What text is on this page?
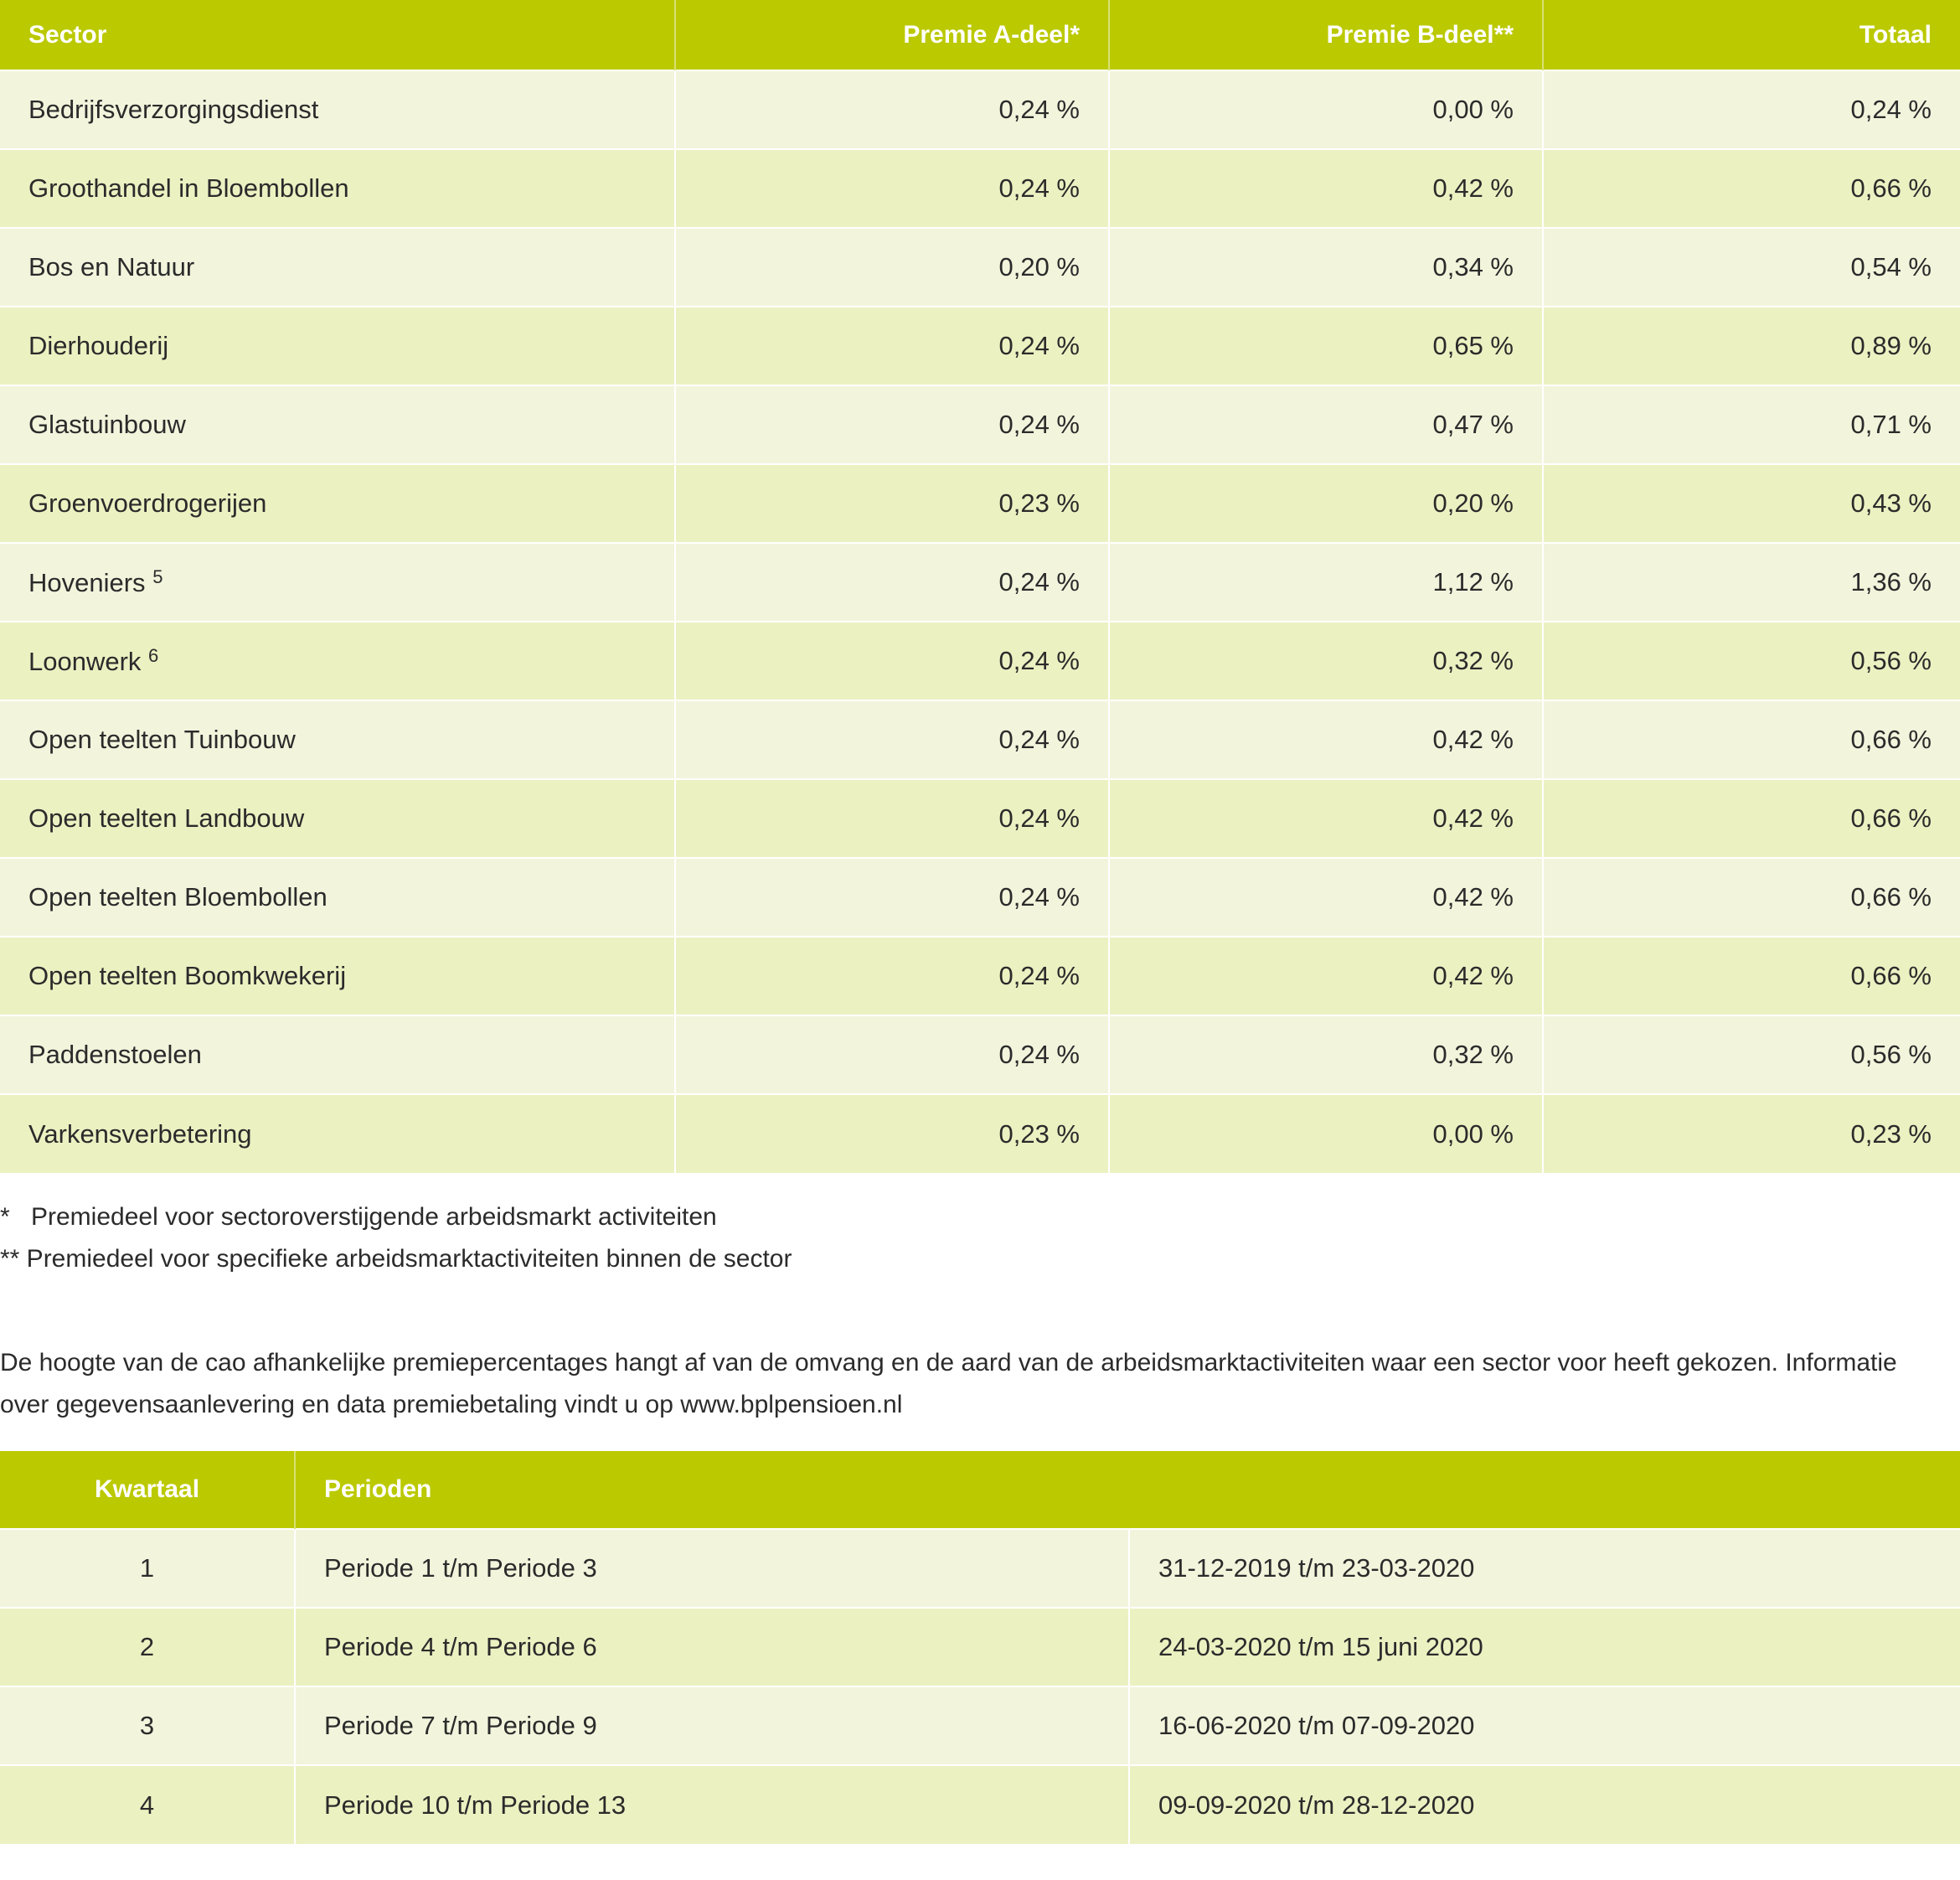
Sector	Premie A-deel*	Premie B-deel**	Totaal
Bedrijfsverzorgingsdienst	0,24 %	0,00 %	0,24 %
Groothandel in Bloembollen	0,24 %	0,42 %	0,66 %
Bos en Natuur	0,20 %	0,34 %	0,54 %
Dierhouderij	0,24 %	0,65 %	0,89 %
Glastuinbouw	0,24 %	0,47 %	0,71 %
Groenvoerdrogerijen	0,23 %	0,20 %	0,43 %
Hoveniers $^5$	0,24 %	1,12 %	1,36 %
Loonwerk $^6$	0,24 %	0,32 %	0,56 %
Open teelten Tuinbouw	0,24 %	0,42 %	0,66 %
Open teelten Landbouw	0,24 %	0,42 %	0,66 %
Open teelten Bloembollen	0,24 %	0,42 %	0,66 %
Open teelten Boomkwekerij	0,24 %	0,42 %	0,66 %
Paddenstoelen	0,24 %	0,32 %	0,56 %
Varkensverbetering	0,23 %	0,00 %	0,23 %
* Premiedeel voor sectoroverstijgende arbeidsmarkt activiteiten
** Premiedeel voor specifieke arbeidsmarktactiviteiten binnen de sector
De hoogte van de cao afhankelijke premiepercentages hangt af van de omvang en de aard van de arbeidsmarktactiviteiten waar een sector voor heeft gekozen. Informatie over gegevensaanlevering en data premiebetaling vindt u op www.bplpensioen.nl
Kwartaal	Perioden	
1	Periode 1 t/m Periode 3	31-12-2019 t/m 23-03-2020
2	Periode 4 t/m Periode 6	24-03-2020 t/m 15 juni 2020
3	Periode 7 t/m Periode 9	16-06-2020 t/m 07-09-2020
4	Periode 10 t/m Periode 13	09-09-2020 t/m 28-12-2020
